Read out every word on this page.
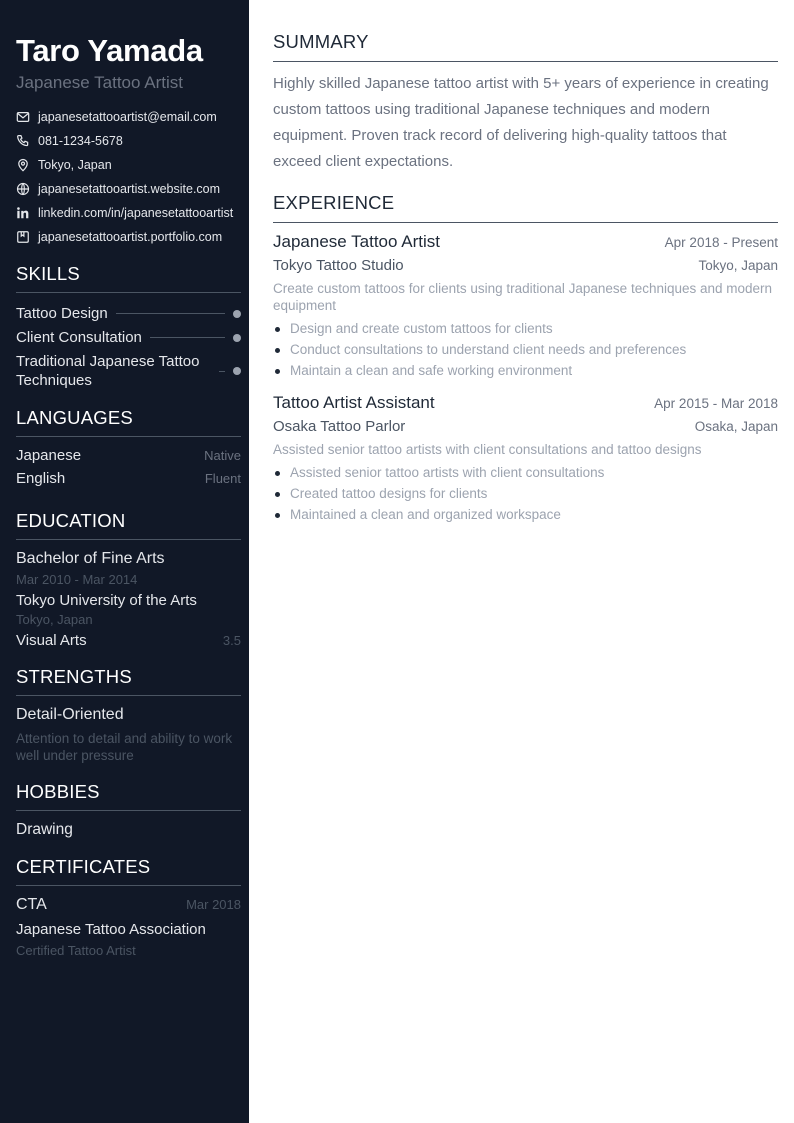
Taro Yamada
Japanese Tattoo Artist
japanesetattooartist@email.com
081-1234-5678
Tokyo, Japan
japanesetattooartist.website.com
linkedin.com/in/japanesetattooartist
japanesetattooartist.portfolio.com
SKILLS
Tattoo Design
Client Consultation
Traditional Japanese Tattoo Techniques
LANGUAGES
Japanese	Native
English	Fluent
EDUCATION
Bachelor of Fine Arts
Mar 2010 - Mar 2014
Tokyo University of the Arts
Tokyo, Japan
Visual Arts	3.5
STRENGTHS
Detail-Oriented
Attention to detail and ability to work well under pressure
HOBBIES
Drawing
CERTIFICATES
CTA	Mar 2018
Japanese Tattoo Association
Certified Tattoo Artist
SUMMARY
Highly skilled Japanese tattoo artist with 5+ years of experience in creating custom tattoos using traditional Japanese techniques and modern equipment. Proven track record of delivering high-quality tattoos that exceed client expectations.
EXPERIENCE
Japanese Tattoo Artist	Apr 2018 - Present
Tokyo Tattoo Studio	Tokyo, Japan
Create custom tattoos for clients using traditional Japanese techniques and modern equipment
Design and create custom tattoos for clients
Conduct consultations to understand client needs and preferences
Maintain a clean and safe working environment
Tattoo Artist Assistant	Apr 2015 - Mar 2018
Osaka Tattoo Parlor	Osaka, Japan
Assisted senior tattoo artists with client consultations and tattoo designs
Assisted senior tattoo artists with client consultations
Created tattoo designs for clients
Maintained a clean and organized workspace
